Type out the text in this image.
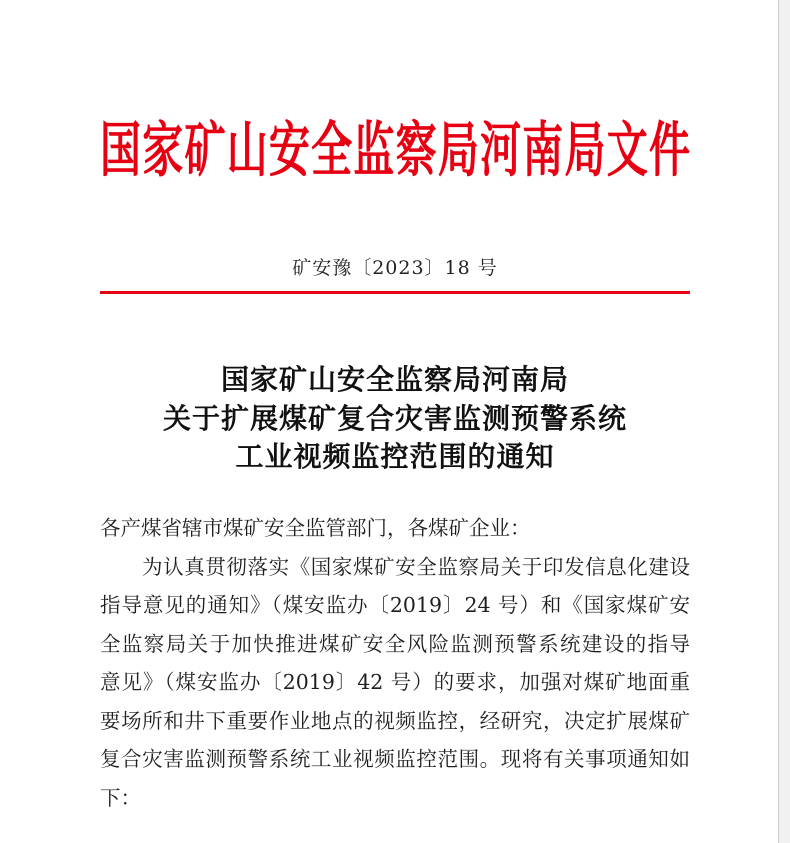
国家矿山安全监察局河南局文件
矿安豫〔2023〕18 号
国家矿山安全监察局河南局
关于扩展煤矿复合灾害监测预警系统
工业视频监控范围的通知
各产煤省辖市煤矿安全监管部门，各煤矿企业：
为认真贯彻落实《国家煤矿安全监察局关于印发信息化建设
指导意见的通知》（煤安监办〔2019〕24 号）和《国家煤矿安
全监察局关于加快推进煤矿安全风险监测预警系统建设的指导
意见》（煤安监办〔2019〕42 号）的要求，加强对煤矿地面重
要场所和井下重要作业地点的视频监控，经研究，决定扩展煤矿
复合灾害监测预警系统工业视频监控范围。现将有关事项通知如
下：
